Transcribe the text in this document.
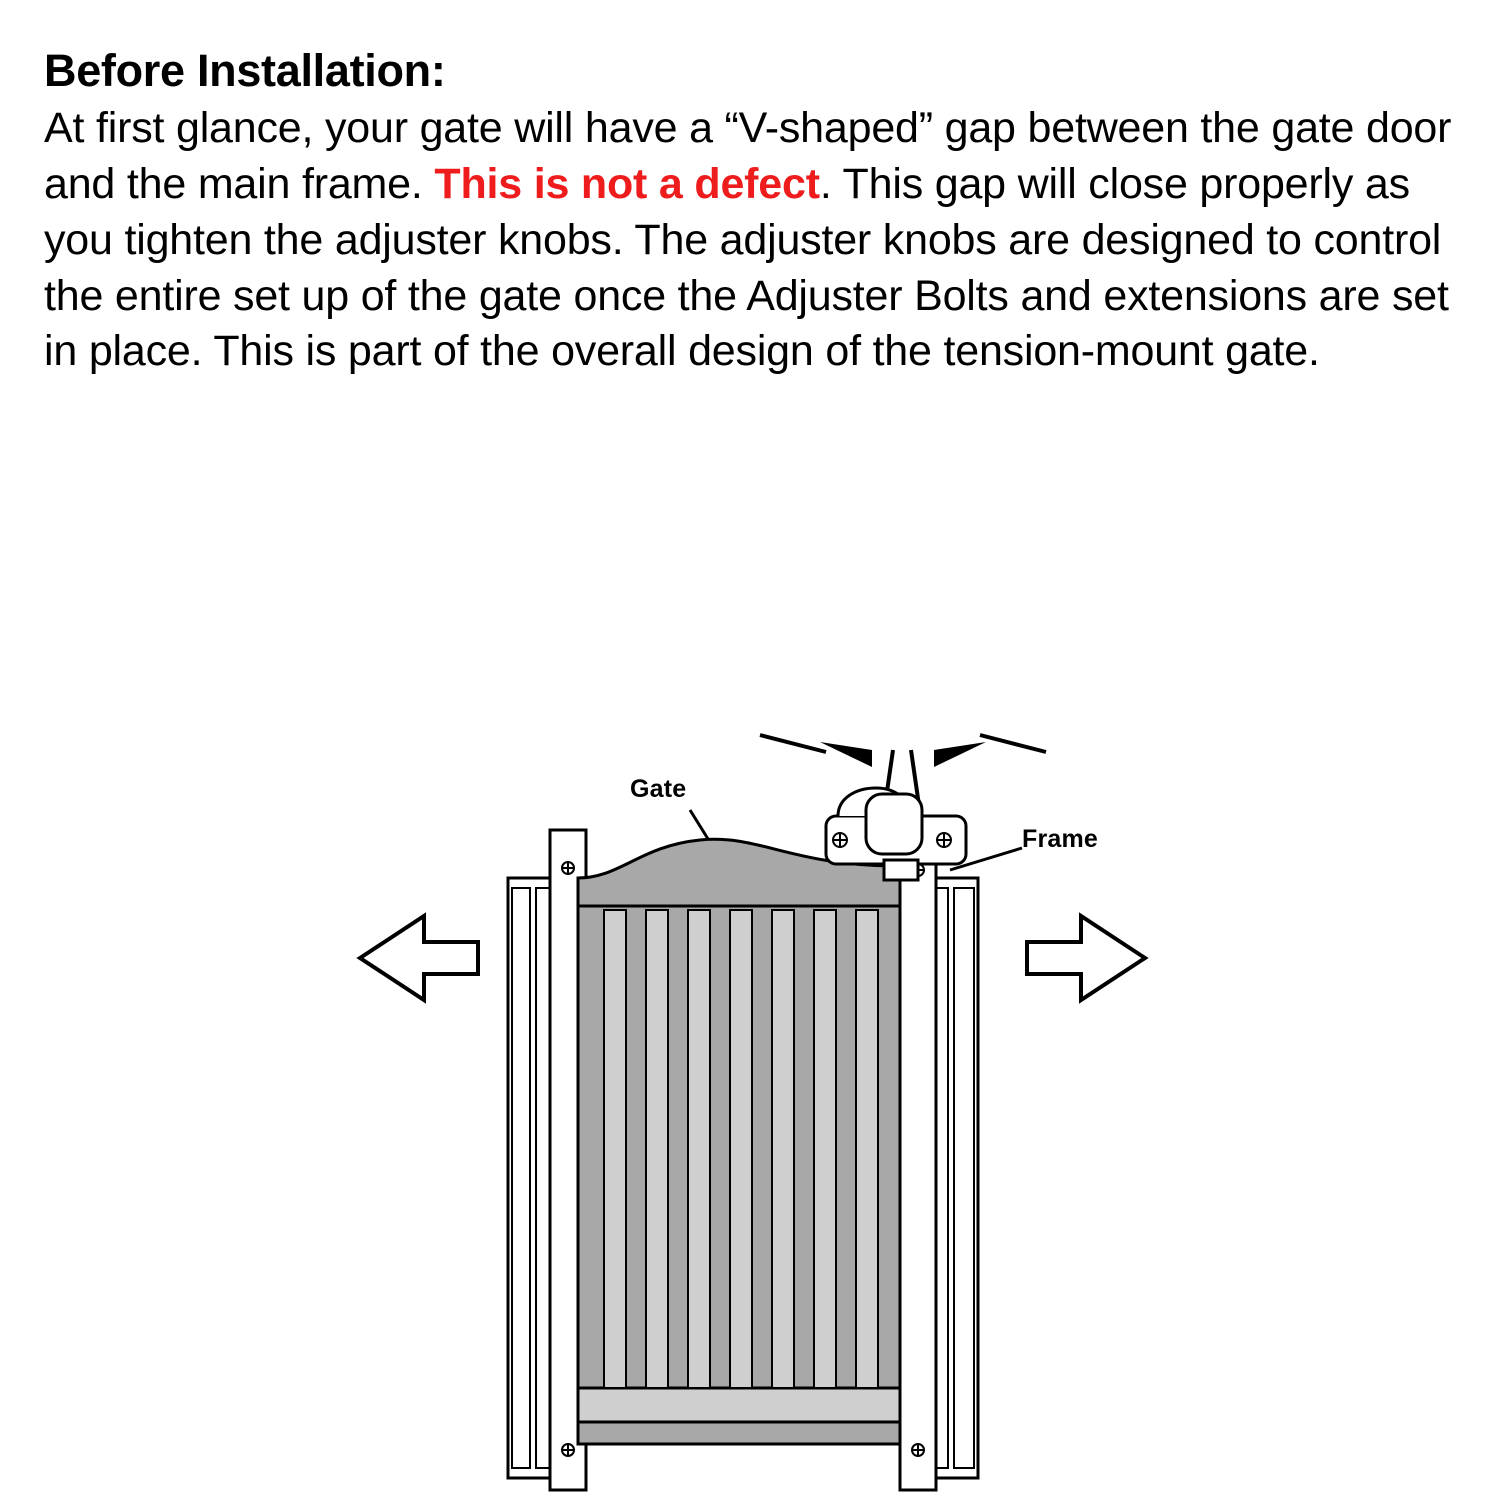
Before Installation:

At first glance, your gate will have a “V-shaped” gap between the gate door and the main frame. This is not a defect. This gap will close properly as you tighten the adjuster knobs. The adjuster knobs are designed to control the entire set up of the gate once the Adjuster Bolts and extensions are set in place. This is part of the overall design of the tension-mount gate.

Gate
Frame
